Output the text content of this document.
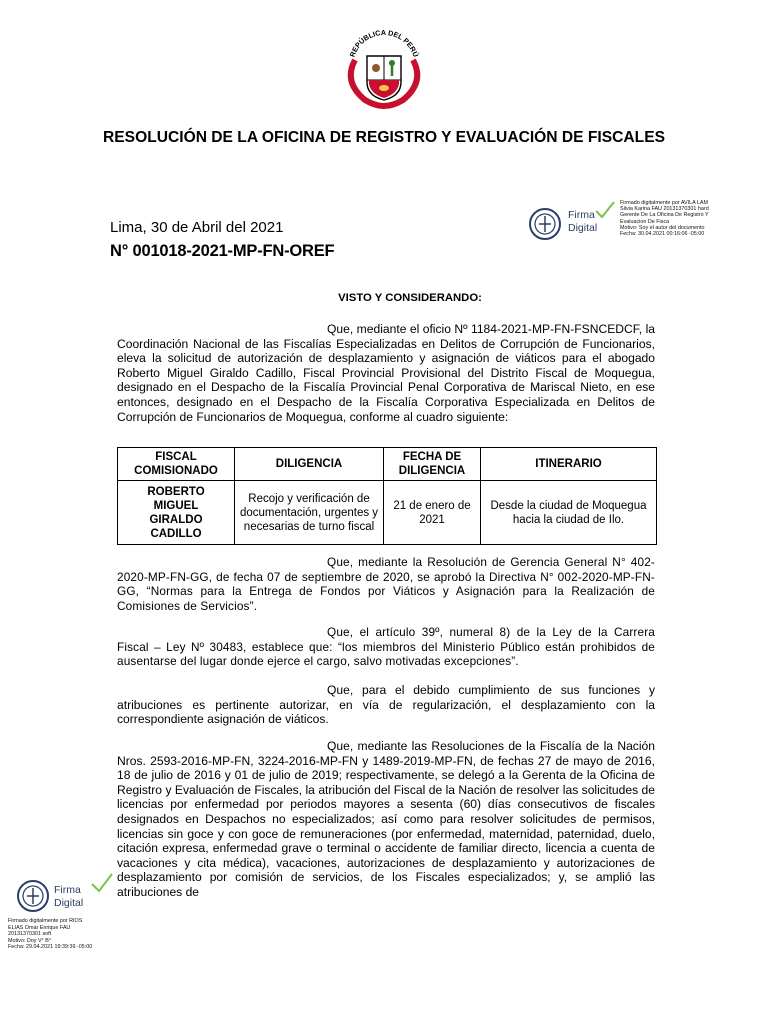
REPÚBLICA DEL PERÚ
RESOLUCIÓN DE LA OFICINA DE REGISTRO Y EVALUACIÓN DE FISCALES
Lima, 30 de Abril del 2021
N° 001018-2021-MP-FN-OREF
Firma
Digital
Firmado digitalmente por AVILA LAM
Silvia Karina FAU 20131370301 hard
Gerente De La Oficina De Registro Y
Evaluacion De Fisca
Motivo: Soy el autor del documento
Fecha: 30.04.2021 00:16:06 -05:00
VISTO Y CONSIDERANDO:
Que, mediante el oficio Nº 1184-2021-MP-FN-FSNCEDCF, la Coordinación Nacional de las Fiscalías Especializadas en Delitos de Corrupción de Funcionarios, eleva la solicitud de autorización de desplazamiento y asignación de viáticos para el abogado Roberto Miguel Giraldo Cadillo, Fiscal Provincial Provisional del Distrito Fiscal de Moquegua, designado en el Despacho de la Fiscalía Provincial Penal Corporativa de Mariscal Nieto, en ese entonces, designado en el Despacho de la Fiscalía Corporativa Especializada en Delitos de Corrupción de Funcionarios de Moquegua, conforme al cuadro siguiente:
FISCAL COMISIONADO	DILIGENCIA	FECHA DE DILIGENCIA	ITINERARIO
ROBERTO MIGUEL GIRALDO CADILLO	Recojo y verificación de documentación, urgentes y necesarias de turno fiscal	21 de enero de 2021	Desde la ciudad de Moquegua hacia la ciudad de Ilo.
Que, mediante la Resolución de Gerencia General N° 402-2020-MP-FN-GG, de fecha 07 de septiembre de 2020, se aprobó la Directiva N° 002-2020-MP-FN-GG, “Normas para la Entrega de Fondos por Viáticos y Asignación para la Realización de Comisiones de Servicios”.
Que, el artículo 39º, numeral 8) de la Ley de la Carrera Fiscal – Ley Nº 30483, establece que: “los miembros del Ministerio Público están prohibidos de ausentarse del lugar donde ejerce el cargo, salvo motivadas excepciones”.
Que, para el debido cumplimiento de sus funciones y atribuciones es pertinente autorizar, en vía de regularización, el desplazamiento con la correspondiente asignación de viáticos.
Que, mediante las Resoluciones de la Fiscalía de la Nación Nros. 2593-2016-MP-FN, 3224-2016-MP-FN y 1489-2019-MP-FN, de fechas 27 de mayo de 2016, 18 de julio de 2016 y 01 de julio de 2019; respectivamente, se delegó a la Gerenta de la Oficina de Registro y Evaluación de Fiscales, la atribución del Fiscal de la Nación de resolver las solicitudes de licencias por enfermedad por periodos mayores a sesenta (60) días consecutivos de fiscales designados en Despachos no especializados; así como para resolver solicitudes de permisos, licencias sin goce y con goce de remuneraciones (por enfermedad, maternidad, paternidad, duelo, citación expresa, enfermedad grave o terminal o accidente de familiar directo, licencia a cuenta de vacaciones y cita médica), vacaciones, autorizaciones de desplazamiento y autorizaciones de desplazamiento por comisión de servicios, de los Fiscales especializados; y, se amplió las atribuciones de
Firma
Digital
Firmado digitalmente por RIOS
ELIAS Omar Enrique FAU
20131370301 soft
Motivo: Doy V° B°
Fecha: 29.04.2021 19:39:39 -05:00
